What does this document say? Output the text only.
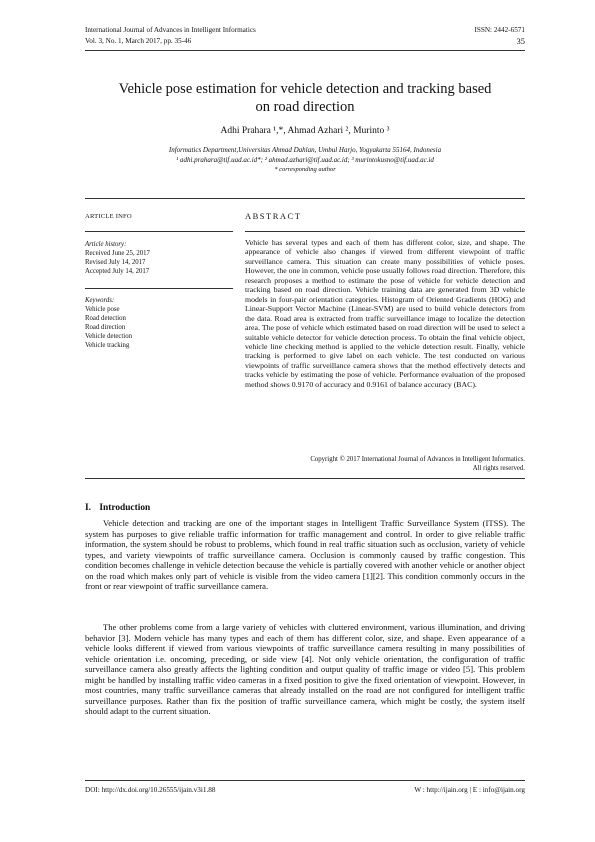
International Journal of Advances in Intelligent Informatics	ISSN: 2442-6571
Vol. 3, No. 1, March 2017, pp. 35-46	35
Vehicle pose estimation for vehicle detection and tracking based
on road direction
Adhi Prahara ¹,*, Ahmad Azhari ², Murinto ³
Informatics Department,Universitas Ahmad Dahlan, Umbul Harjo, Yogyakarta 55164, Indonesia
¹ adhi.prahara@tif.uad.ac.id*; ² ahmad.azhari@tif.uad.ac.id; ³ murintokusno@tif.uad.ac.id
* corresponding author
ARTICLE INFO	ABSTRACT
Article history:
Received June 25, 2017
Revised July 14, 2017
Accepted July 14, 2017
Keywords:
Vehicle pose
Road detection
Road direction
Vehicle detection
Vehicle tracking
Vehicle has several types and each of them has different color, size, and shape. The appearance of vehicle also changes if viewed from different viewpoint of traffic surveillance camera. This situation can create many possibilities of vehicle poses. However, the one in common, vehicle pose usually follows road direction. Therefore, this research proposes a method to estimate the pose of vehicle for vehicle detection and tracking based on road direction. Vehicle training data are generated from 3D vehicle models in four-pair orientation categories. Histogram of Oriented Gradients (HOG) and Linear-Support Vector Machine (Linear-SVM) are used to build vehicle detectors from the data. Road area is extracted from traffic surveillance image to localize the detection area. The pose of vehicle which estimated based on road direction will be used to select a suitable vehicle detector for vehicle detection process. To obtain the final vehicle object, vehicle line checking method is applied to the vehicle detection result. Finally, vehicle tracking is performed to give label on each vehicle. The test conducted on various viewpoints of traffic surveillance camera shows that the method effectively detects and tracks vehicle by estimating the pose of vehicle. Performance evaluation of the proposed method shows 0.9170 of accuracy and 0.9161 of balance accuracy (BAC).
Copyright © 2017 International Journal of Advances in Intelligent Informatics.
All rights reserved.
I. Introduction

Vehicle detection and tracking are one of the important stages in Intelligent Traffic Surveillance System (ITSS). The system has purposes to give reliable traffic information for traffic management and control. In order to give reliable traffic information, the system should be robust to problems, which found in real traffic situation such as occlusion, variety of vehicle types, and variety viewpoints of traffic surveillance camera. Occlusion is commonly caused by traffic congestion. This condition becomes challenge in vehicle detection because the vehicle is partially covered with another vehicle or another object on the road which makes only part of vehicle is visible from the video camera [1][2]. This condition commonly occurs in the front or rear viewpoint of traffic surveillance camera.

The other problems come from a large variety of vehicles with cluttered environment, various illumination, and driving behavior [3]. Modern vehicle has many types and each of them has different color, size, and shape. Even appearance of a vehicle looks different if viewed from various viewpoints of traffic surveillance camera resulting in many possibilities of vehicle orientation i.e. oncoming, preceding, or side view [4]. Not only vehicle orientation, the configuration of traffic surveillance camera also greatly affects the lighting condition and output quality of traffic image or video [5]. This problem might be handled by installing traffic video cameras in a fixed position to give the fixed orientation of viewpoint. However, in most countries, many traffic surveillance cameras that already installed on the road are not configured for intelligent traffic surveillance purposes. Rather than fix the position of traffic surveillance camera, which might be costly, the system itself should adapt to the current situation.

DOI: http://dx.doi.org/10.26555/ijain.v3i1.88	W : http://ijain.org | E : info@ijain.org
